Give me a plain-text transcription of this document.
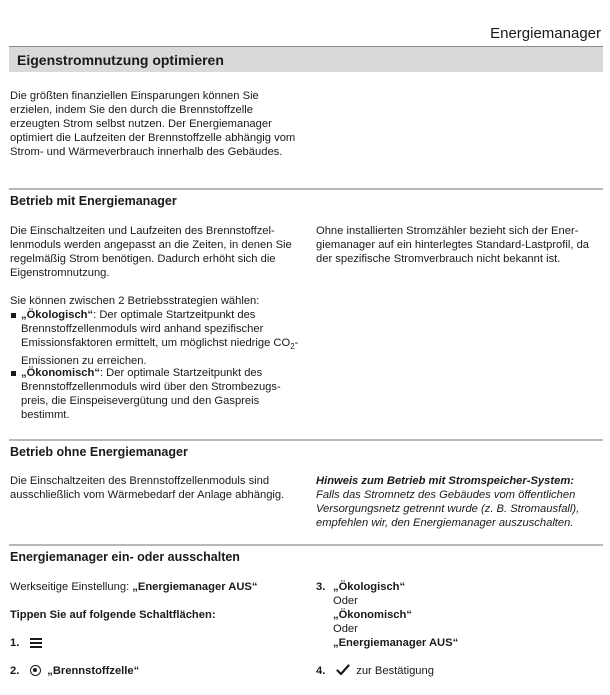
Energiemanager
Eigenstromnutzung optimieren

Die größten finanziellen Einsparungen können Sie erzielen, indem Sie den durch die Brennstoffzelle erzeugten Strom selbst nutzen. Der Energiemanager optimiert die Laufzeiten der Brennstoffzelle abhängig vom Strom- und Wärmeverbrauch innerhalb des Gebäudes.

Betrieb mit Energiemanager

Die Einschaltzeiten und Laufzeiten des Brennstoffzellenmoduls werden angepasst an die Zeiten, in denen Sie regelmäßig Strom benötigen. Dadurch erhöht sich die Eigenstromnutzung.

Ohne installierten Stromzähler bezieht sich der Energiemanager auf ein hinterlegtes Standard-Lastprofil, da der spezifische Stromverbrauch nicht bekannt ist.

Sie können zwischen 2 Betriebsstrategien wählen:

„Ökologisch“: Der optimale Startzeitpunkt des Brennstoffzellenmoduls wird anhand spezifischer Emissionsfaktoren ermittelt, um möglichst niedrige $CO_2$-Emissionen zu erreichen.
„Ökonomisch“: Der optimale Startzeitpunkt des Brennstoffzellenmoduls wird über den Strombezugspreis, die Einspeisevergütung und den Gaspreis bestimmt.
Betrieb ohne Energiemanager

Die Einschaltzeiten des Brennstoffzellenmoduls sind ausschließlich vom Wärmebedarf der Anlage abhängig.

Hinweis zum Betrieb mit Stromspeicher-System:
Falls das Stromnetz des Gebäudes vom öffentlichen Versorgungsnetz getrennt wurde (z. B. Stromausfall), empfehlen wir, den Energiemanager auszuschalten.
Energiemanager ein- oder ausschalten
Werkseitige Einstellung: „Energiemanager AUS“
Tippen Sie auf folgende Schaltflächen:
1.
2. „Brennstoffzelle“
3. „Ökologisch“
Oder
„Ökonomisch“
Oder
„Energiemanager AUS“
4.	zur Bestätigung
